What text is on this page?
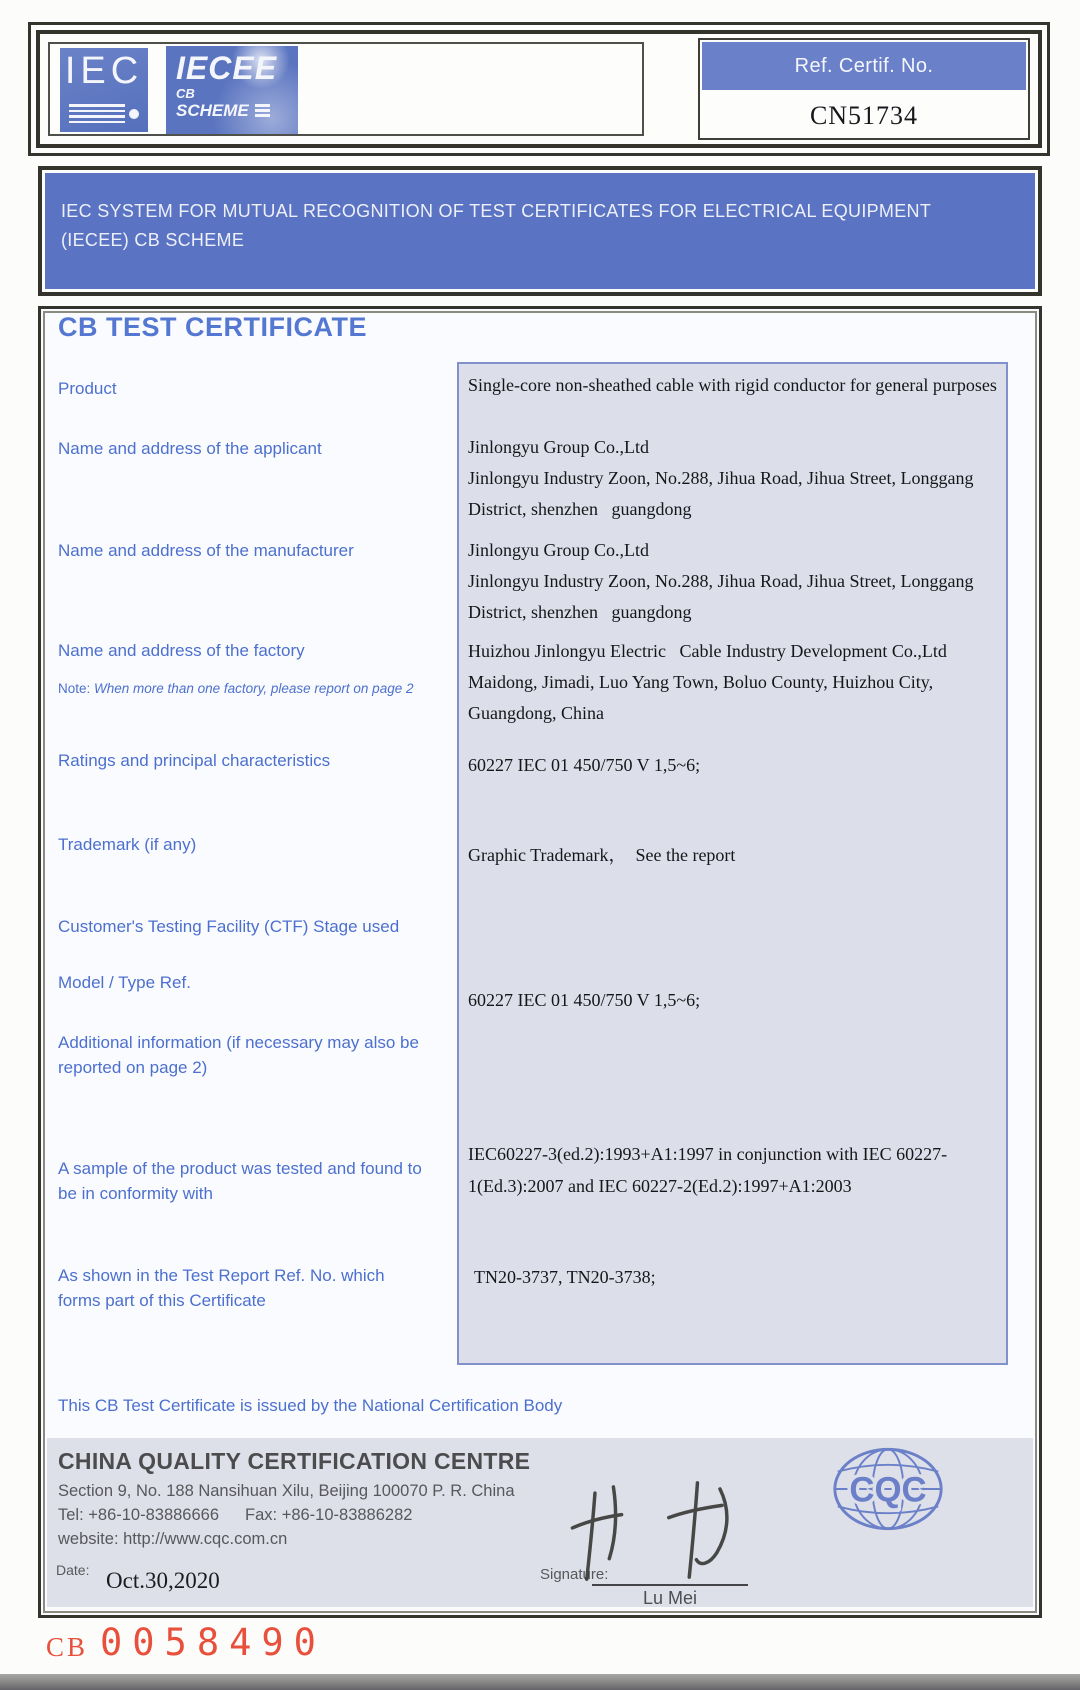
IEC IECEE
CB
SCHEME
Ref. Certif. No.
CN51734
IEC SYSTEM FOR MUTUAL RECOGNITION OF TEST CERTIFICATES FOR ELECTRICAL EQUIPMENT (IECEE) CB SCHEME
CB TEST CERTIFICATE
Product
Name and address of the applicant
Name and address of the manufacturer
Name and address of the factory
Note: When more than one factory, please report on page 2
Ratings and principal characteristics
Trademark (if any)
Customer's Testing Facility (CTF) Stage used
Model / Type Ref.
Additional information (if necessary may also be reported on page 2)
A sample of the product was tested and found to be in conformity with
As shown in the Test Report Ref. No. which forms part of this Certificate
Single-core non-sheathed cable with rigid conductor for general purposes
Jinlongyu Group Co.,Ltd
Jinlongyu Industry Zoon, No.288, Jihua Road, Jihua Street, Longgang District, shenzhen   guangdong
Jinlongyu Group Co.,Ltd
Jinlongyu Industry Zoon, No.288, Jihua Road, Jihua Street, Longgang District, shenzhen   guangdong
Huizhou Jinlongyu Electric   Cable Industry Development Co.,Ltd
Maidong, Jimadi, Luo Yang Town, Boluo County, Huizhou City, Guangdong, China
60227 IEC 01 450/750 V 1,5~6;
Graphic Trademark，  See the report
60227 IEC 01 450/750 V 1,5~6;
IEC60227-3(ed.2):1993+A1:1997 in conjunction with IEC 60227-1(Ed.3):2007 and IEC 60227-2(Ed.2):1997+A1:2003
TN20-3737, TN20-3738;
This CB Test Certificate is issued by the National Certification Body
CHINA QUALITY CERTIFICATION CENTRE
Section 9, No. 188 Nansihuan Xilu, Beijing 100070 P. R. China
Tel: +86-10-83886666 Fax: +86-10-83886282
website: http://www.cqc.com.cn
Date: Oct.30,2020	Signature:
Lu Mei
CQC
CB 0058490
